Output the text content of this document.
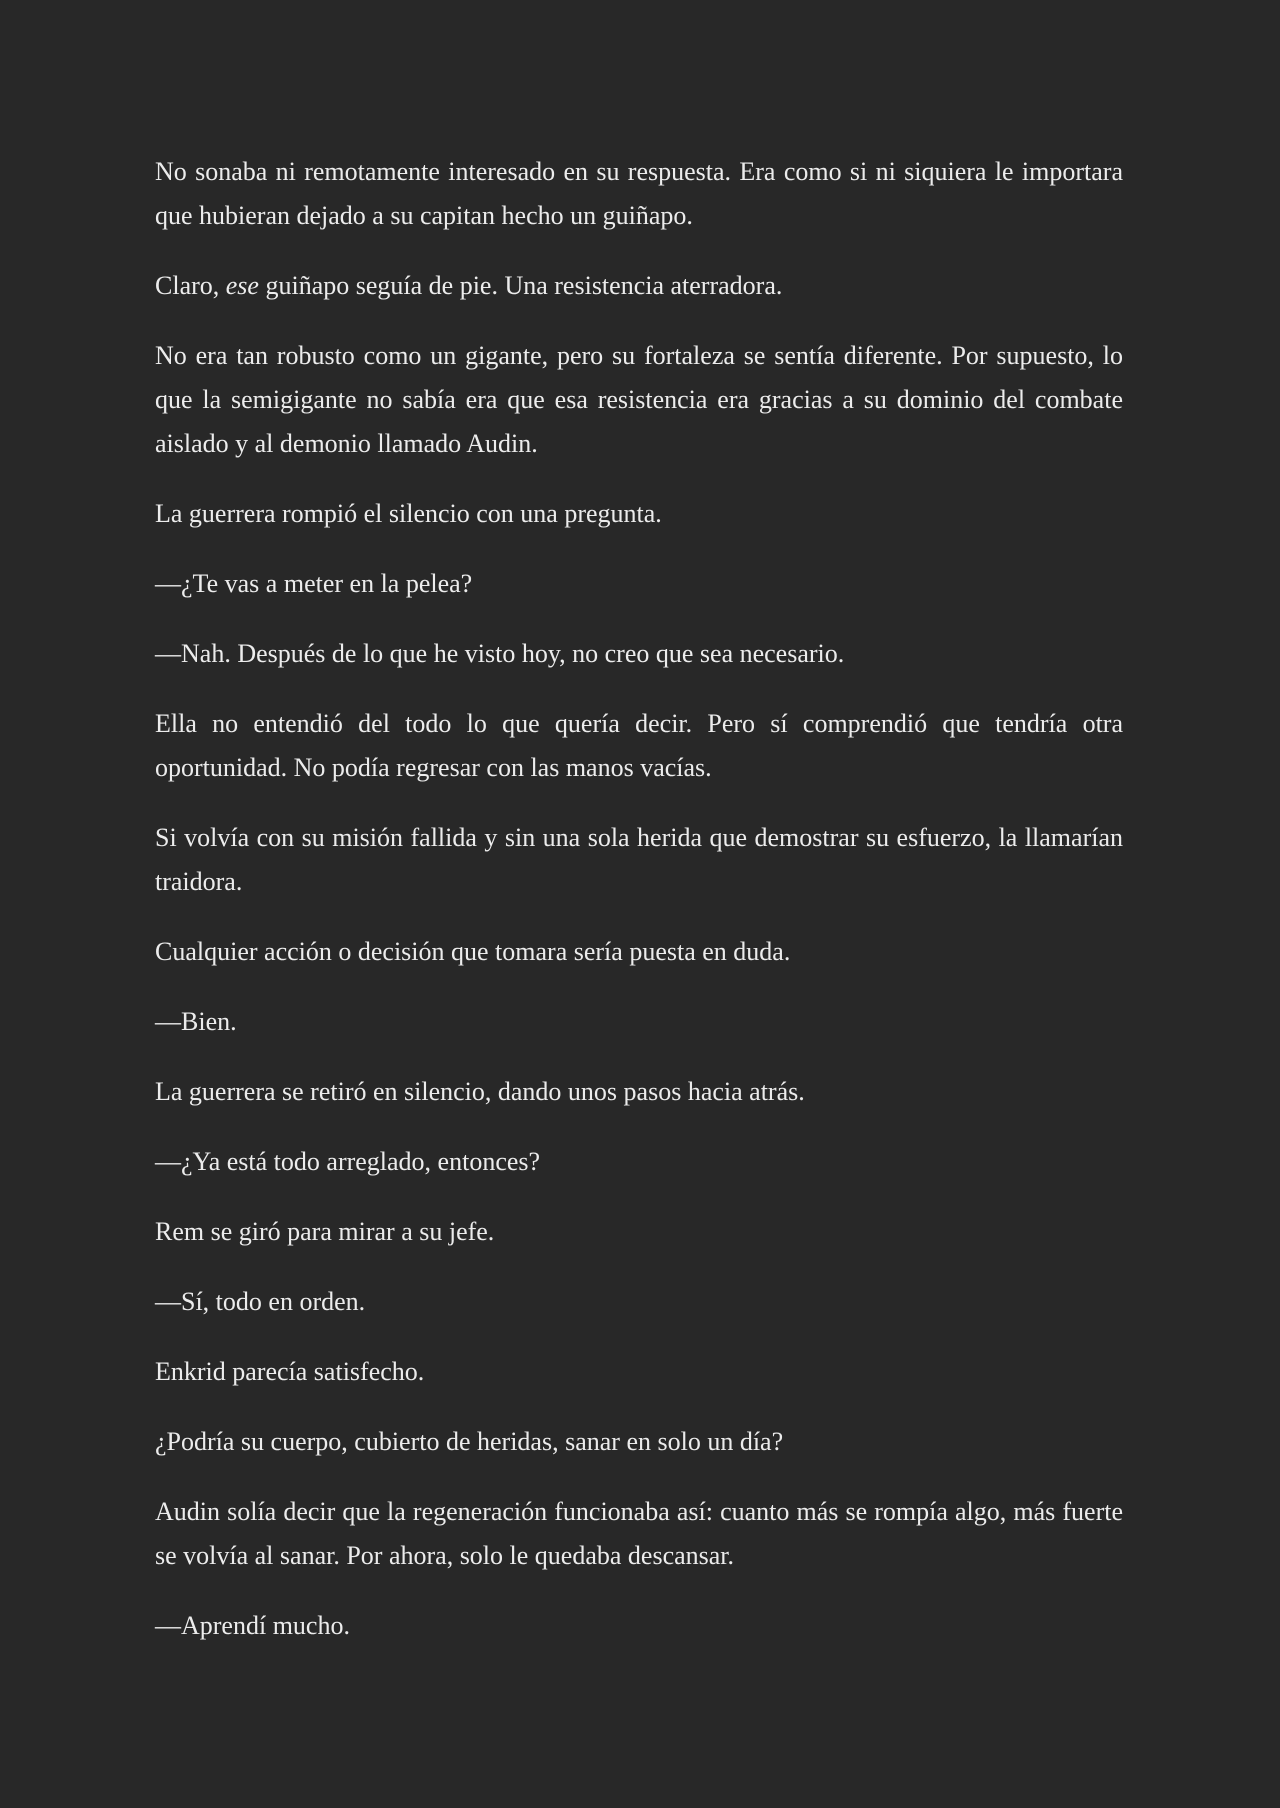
No sonaba ni remotamente interesado en su respuesta. Era como si ni siquiera le importara que hubieran dejado a su capitan hecho un guiñapo.

Claro, ese guiñapo seguía de pie. Una resistencia aterradora.

No era tan robusto como un gigante, pero su fortaleza se sentía diferente. Por supuesto, lo que la semigigante no sabía era que esa resistencia era gracias a su dominio del combate aislado y al demonio llamado Audin.

La guerrera rompió el silencio con una pregunta.

—¿Te vas a meter en la pelea?

—Nah. Después de lo que he visto hoy, no creo que sea necesario.

Ella no entendió del todo lo que quería decir. Pero sí comprendió que tendría otra oportunidad. No podía regresar con las manos vacías.

Si volvía con su misión fallida y sin una sola herida que demostrar su esfuerzo, la llamarían traidora.

Cualquier acción o decisión que tomara sería puesta en duda.

—Bien.

La guerrera se retiró en silencio, dando unos pasos hacia atrás.

—¿Ya está todo arreglado, entonces?

Rem se giró para mirar a su jefe.

—Sí, todo en orden.

Enkrid parecía satisfecho.

¿Podría su cuerpo, cubierto de heridas, sanar en solo un día?

Audin solía decir que la regeneración funcionaba así: cuanto más se rompía algo, más fuerte se volvía al sanar. Por ahora, solo le quedaba descansar.

—Aprendí mucho.
